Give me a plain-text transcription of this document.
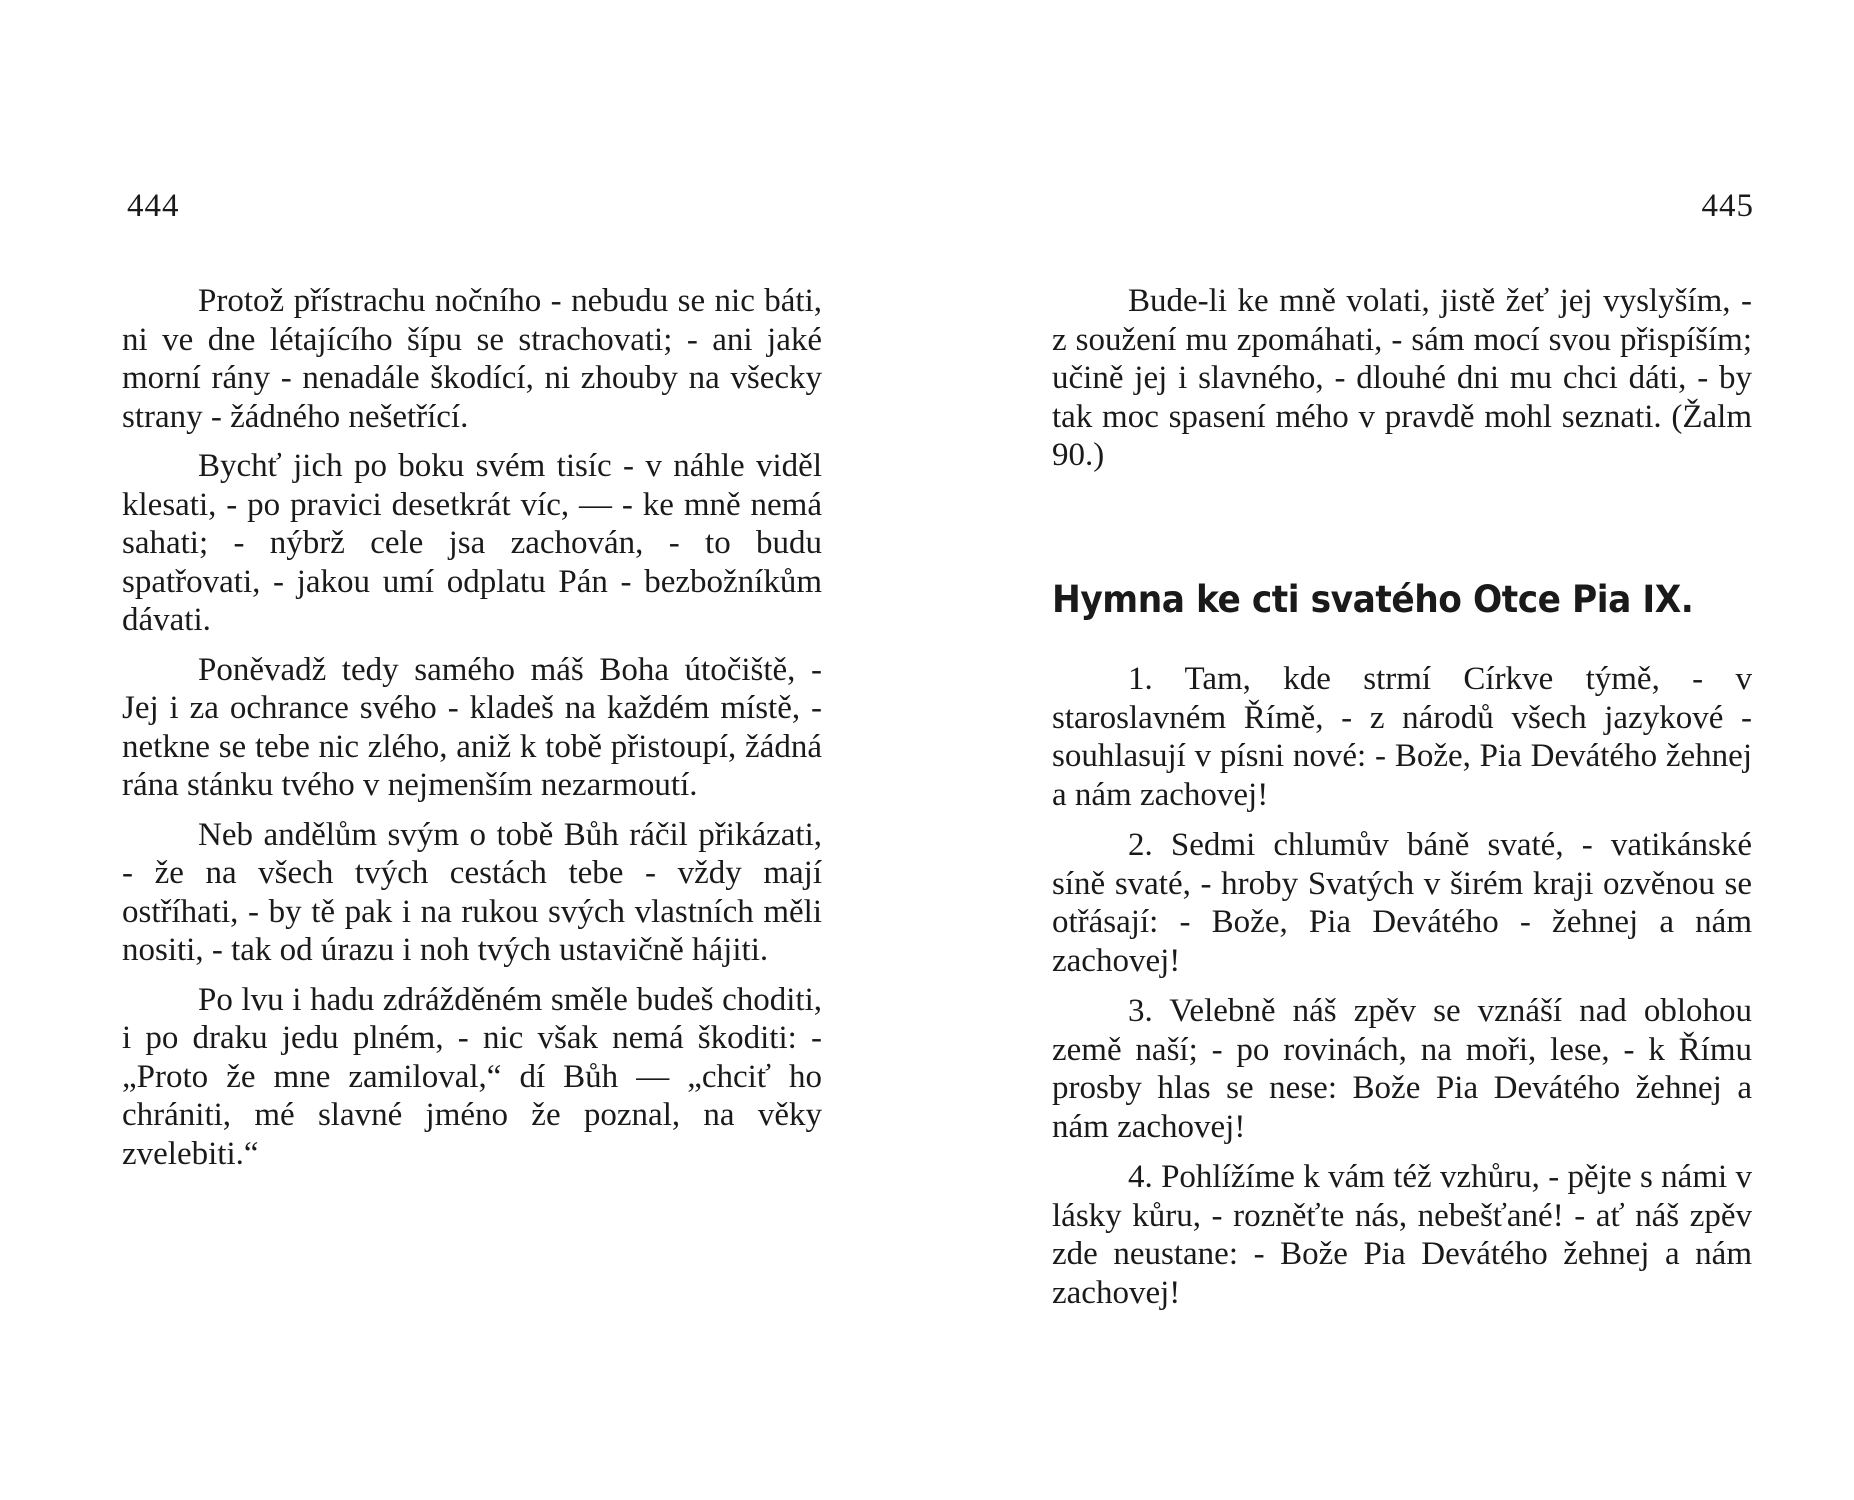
444

Protož přístrachu nočního - nebudu se nic báti, ni ve dne létajícího šípu se strachovati; - ani jaké morní rány - nenadále škodící, ni zhouby na všecky strany - žádného nešetřící.

Bychť jich po boku svém tisíc - v náhle viděl klesati, - po pravici desetkrát víc, — - ke mně nemá sahati; - nýbrž cele jsa zachován, - to budu spatřovati, - jakou umí odplatu Pán - bezbožníkům dávati.

Poněvadž tedy samého máš Boha útočiště, - Jej i za ochrance svého - kladeš na každém místě, - netkne se tebe nic zlého, aniž k tobě přistoupí, žádná rána stánku tvého v nejmenším nezarmoutí.

Neb andělům svým o tobě Bůh ráčil přikázati, - že na všech tvých cestách tebe - vždy mají ostříhati, - by tě pak i na rukou svých vlastních měli nositi, - tak od úrazu i noh tvých ustavičně hájiti.

Po lvu i hadu zdrážděném směle budeš choditi, i po draku jedu plném, - nic však nemá škoditi: - „Proto že mne zamiloval,“ dí Bůh — „chciť ho chrániti, mé slavné jméno že poznal, na věky zvelebiti.“

445

Bude-li ke mně volati, jistě žeť jej vyslyším, - z soužení mu zpomáhati, - sám mocí svou přispíším; učině jej i slavného, - dlouhé dni mu chci dáti, - by tak moc spasení mého v pravdě mohl seznati. (Žalm 90.)

Hymna ke cti svatého Otce Pia IX.

1. Tam, kde strmí Církve týmě, - v staroslavném Římě, - z národů všech jazykové - souhlasují v písni nové: - Bože, Pia Devátého žehnej a nám zachovej!

2. Sedmi chlumův báně svaté, - vatikánské síně svaté, - hroby Svatých v širém kraji ozvěnou se otřásají: - Bože, Pia Devátého - žehnej a nám zachovej!

3. Velebně náš zpěv se vznáší nad oblohou země naší; - po rovinách, na moři, lese, - k Římu prosby hlas se nese: Bože Pia Devátého žehnej a nám zachovej!

4. Pohlížíme k vám též vzhůru, - pějte s námi v lásky kůru, - rozněťte nás, nebešťané! - ať náš zpěv zde neustane: - Bože Pia Devátého žehnej a nám zachovej!
